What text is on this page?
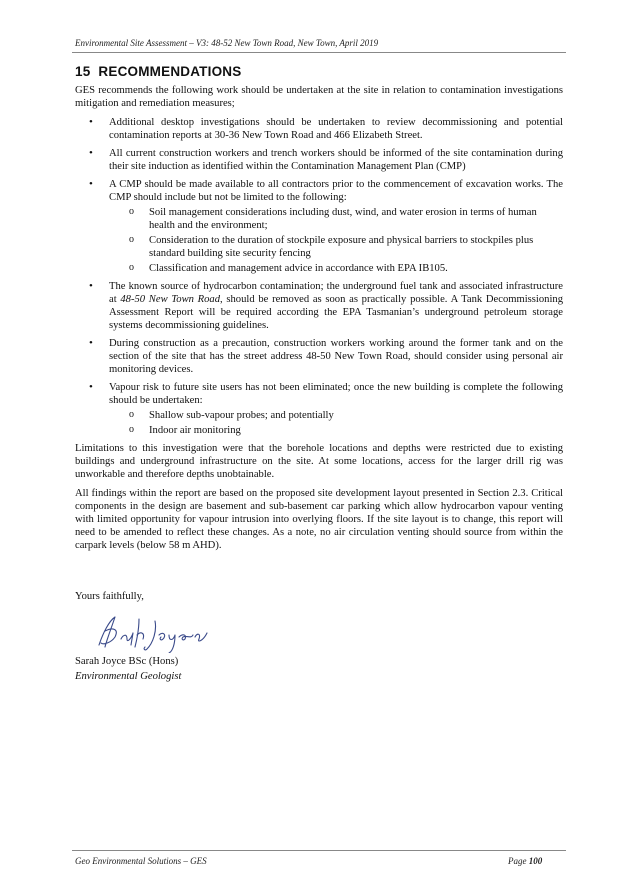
Environmental Site Assessment – V3: 48-52 New Town Road, New Town, April 2019
15 RECOMMENDATIONS

GES recommends the following work should be undertaken at the site in relation to contamination investigations mitigation and remediation measures;

• Additional desktop investigations should be undertaken to review decommissioning and potential contamination reports at 30-36 New Town Road and 466 Elizabeth Street.
• All current construction workers and trench workers should be informed of the site contamination during their site induction as identified within the Contamination Management Plan (CMP)
• A CMP should be made available to all contractors prior to the commencement of excavation works. The CMP should include but not be limited to the following:
o Soil management considerations including dust, wind, and water erosion in terms of human health and the environment;
o Consideration to the duration of stockpile exposure and physical barriers to stockpiles plus standard building site security fencing
o Classification and management advice in accordance with EPA IB105.
• The known source of hydrocarbon contamination; the underground fuel tank and associated infrastructure at 48-50 New Town Road, should be removed as soon as practically possible. A Tank Decommissioning Assessment Report will be required according the EPA Tasmanian’s underground petroleum storage systems decommissioning guidelines.
• During construction as a precaution, construction workers working around the former tank and on the section of the site that has the street address 48-50 New Town Road, should consider using personal air monitoring devices.
• Vapour risk to future site users has not been eliminated; once the new building is complete the following should be undertaken:
o Shallow sub-vapour probes; and potentially
o Indoor air monitoring

Limitations to this investigation were that the borehole locations and depths were restricted due to existing buildings and underground infrastructure on the site. At some locations, access for the larger drill rig was unworkable and therefore depths unobtainable.

All findings within the report are based on the proposed site development layout presented in Section 2.3. Critical components in the design are basement and sub-basement car parking which allow hydrocarbon vapour venting with limited opportunity for vapour intrusion into overlying floors. If the site layout is to change, this report will need to be amended to reflect these changes. As a note, no air circulation venting should source from within the carpark levels (below 58 m AHD).

Yours faithfully,

Sarah Joyce BSc (Hons)

Environmental Geologist

Geo Environmental Solutions – GES	Page 100
